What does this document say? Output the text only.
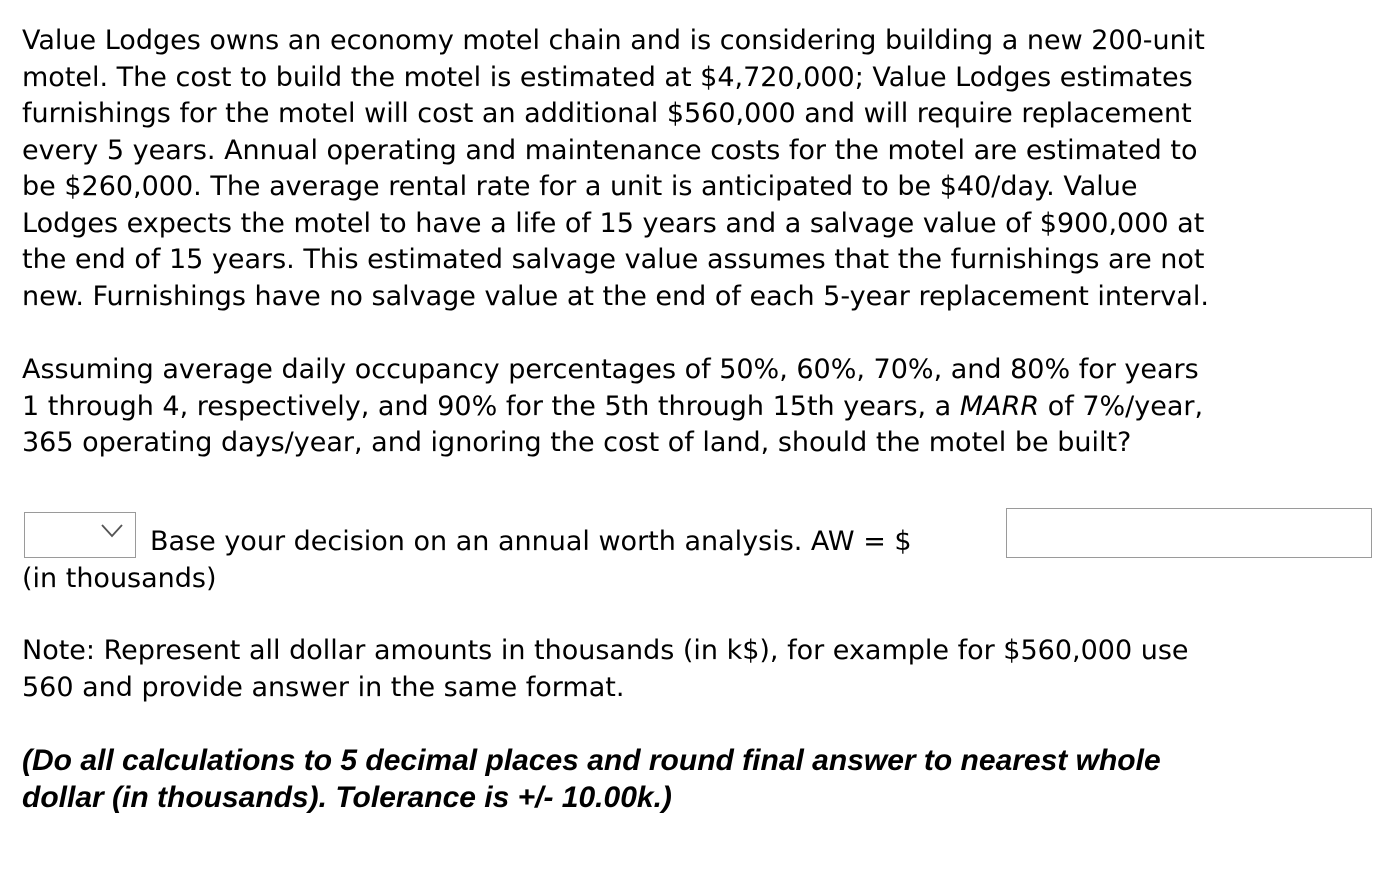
Value Lodges owns an economy motel chain and is considering building a new 200-unit
motel. The cost to build the motel is estimated at $4,720,000; Value Lodges estimates
furnishings for the motel will cost an additional $560,000 and will require replacement
every 5 years. Annual operating and maintenance costs for the motel are estimated to
be $260,000. The average rental rate for a unit is anticipated to be $40/day. Value
Lodges expects the motel to have a life of 15 years and a salvage value of $900,000 at
the end of 15 years. This estimated salvage value assumes that the furnishings are not
new. Furnishings have no salvage value at the end of each 5-year replacement interval.
Assuming average daily occupancy percentages of 50%, 60%, 70%, and 80% for years
1 through 4, respectively, and 90% for the 5th through 15th years, a MARR of 7%/year,
365 operating days/year, and ignoring the cost of land, should the motel be built?
Base your decision on an annual worth analysis. AW = $
(in thousands)
Note: Represent all dollar amounts in thousands (in k$), for example for $560,000 use
560 and provide answer in the same format.
(Do all calculations to 5 decimal places and round final answer to nearest whole
dollar (in thousands). Tolerance is +/- 10.00k.)
